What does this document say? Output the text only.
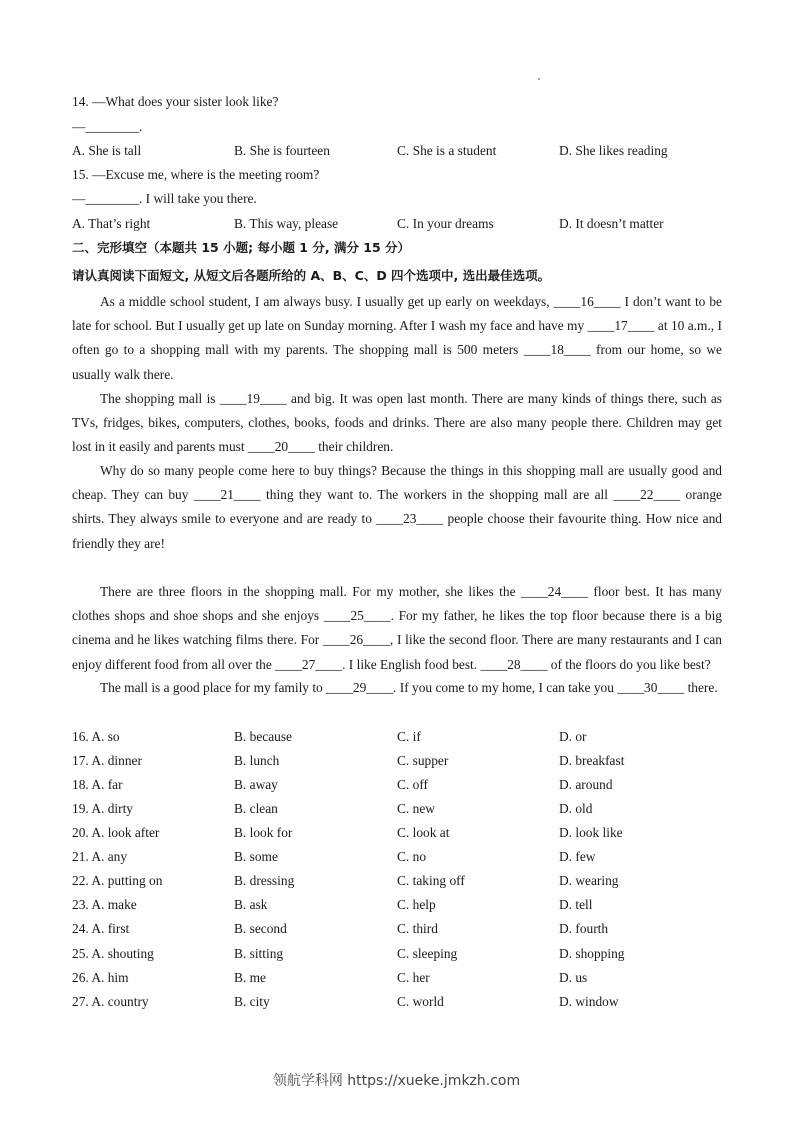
14. —What does your sister look like?
—________.
A. She is tall	B. She is fourteen	C. She is a student	D. She likes reading
15. —Excuse me, where is the meeting room?
—________. I will take you there.
A. That’s right	B. This way, please	C. In your dreams	D. It doesn’t matter
二、完形填空（本题共 15 小题; 每小题 1 分, 满分 15 分）
请认真阅读下面短文, 从短文后各题所给的 A、B、C、D 四个选项中, 选出最佳选项。
As a middle school student, I am always busy. I usually get up early on weekdays, ____16____ I don’t want to be late for school. But I usually get up late on Sunday morning. After I wash my face and have my ____17____ at 10 a.m., I often go to a shopping mall with my parents. The shopping mall is 500 meters ____18____ from our home, so we usually walk there.
The shopping mall is ____19____ and big. It was open last month. There are many kinds of things there, such as TVs, fridges, bikes, computers, clothes, books, foods and drinks. There are also many people there. Children may get lost in it easily and parents must ____20____ their children.
Why do so many people come here to buy things? Because the things in this shopping mall are usually good and cheap. They can buy ____21____ thing they want to. The workers in the shopping mall are all ____22____ orange shirts. They always smile to everyone and are ready to ____23____ people choose their favourite thing. How nice and friendly they are!
There are three floors in the shopping mall. For my mother, she likes the ____24____ floor best. It has many clothes shops and shoe shops and she enjoys ____25____. For my father, he likes the top floor because there is a big cinema and he likes watching films there. For ____26____, I like the second floor. There are many restaurants and I can enjoy different food from all over the ____27____. I like English food best. ____28____ of the floors do you like best?
The mall is a good place for my family to ____29____. If you come to my home, I can take you ____30____ there.
16. A. so	B. because	C. if	D. or
17. A. dinner	B. lunch	C. supper	D. breakfast
18. A. far	B. away	C. off	D. around
19. A. dirty	B. clean	C. new	D. old
20. A. look after	B. look for	C. look at	D. look like
21. A. any	B. some	C. no	D. few
22. A. putting on	B. dressing	C. taking off	D. wearing
23. A. make	B. ask	C. help	D. tell
24. A. first	B. second	C. third	D. fourth
25. A. shouting	B. sitting	C. sleeping	D. shopping
26. A. him	B. me	C. her	D. us
27. A. country	B. city	C. world	D. window
领航学科网 https://xueke.jmkzh.com
